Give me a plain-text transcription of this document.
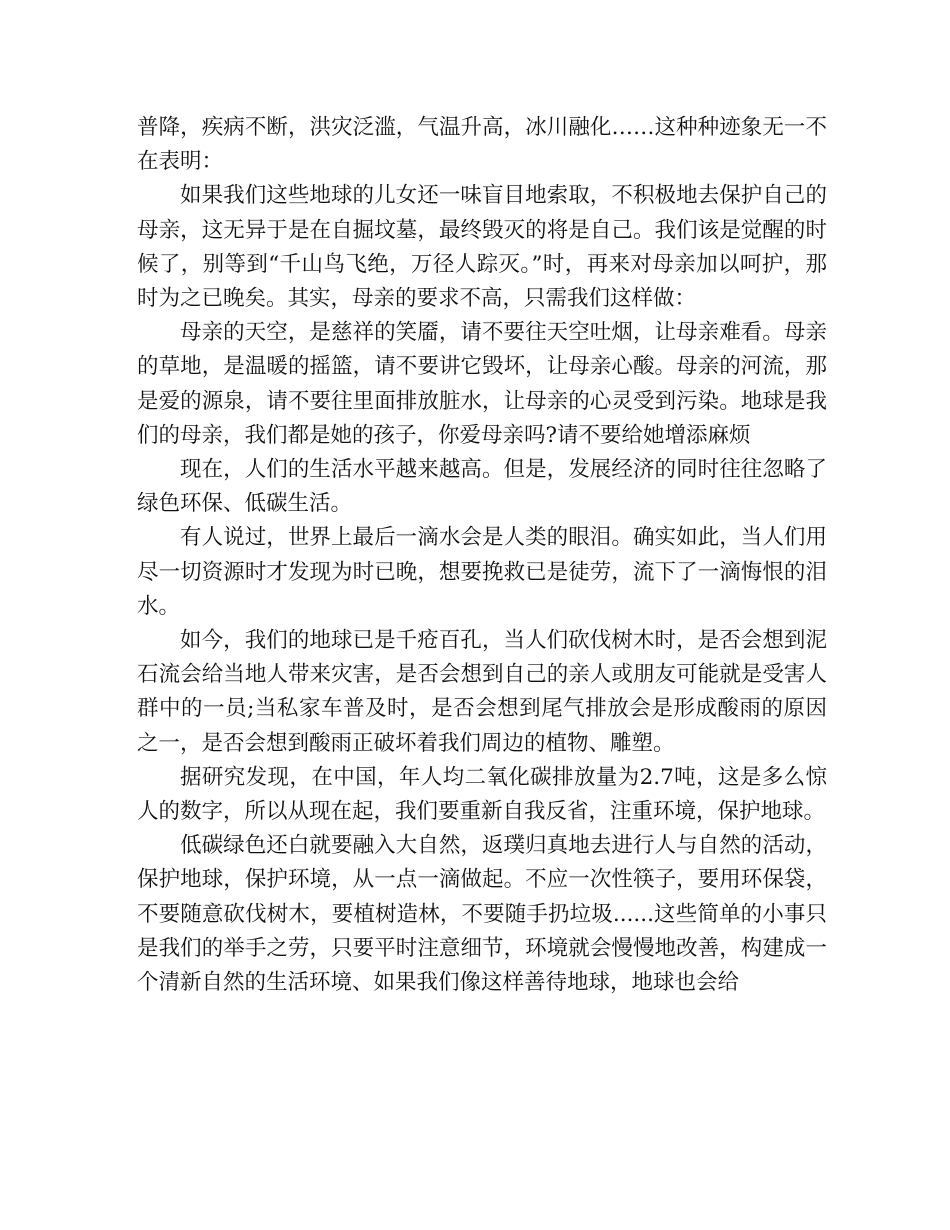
普降，疾病不断，洪灾泛滥，气温升高，冰川融化……这种种迹象无一不在表明：

如果我们这些地球的儿女还一味盲目地索取，不积极地去保护自己的母亲，这无异于是在自掘坟墓，最终毁灭的将是自己。我们该是觉醒的时候了，别等到“千山鸟飞绝，万径人踪灭。”时，再来对母亲加以呵护，那时为之已晚矣。其实，母亲的要求不高，只需我们这样做：

母亲的天空，是慈祥的笑靥，请不要往天空吐烟，让母亲难看。母亲的草地，是温暖的摇篮，请不要讲它毁坏，让母亲心酸。母亲的河流，那是爱的源泉，请不要往里面排放脏水，让母亲的心灵受到污染。地球是我们的母亲，我们都是她的孩子，你爱母亲吗?请不要给她增添麻烦

现在，人们的生活水平越来越高。但是，发展经济的同时往往忽略了绿色环保、低碳生活。

有人说过，世界上最后一滴水会是人类的眼泪。确实如此，当人们用尽一切资源时才发现为时已晚，想要挽救已是徒劳，流下了一滴悔恨的泪水。

如今，我们的地球已是千疮百孔，当人们砍伐树木时，是否会想到泥石流会给当地人带来灾害，是否会想到自己的亲人或朋友可能就是受害人群中的一员;当私家车普及时，是否会想到尾气排放会是形成酸雨的原因之一，是否会想到酸雨正破坏着我们周边的植物、雕塑。

据研究发现，在中国，年人均二氧化碳排放量为2.7吨，这是多么惊人的数字，所以从现在起，我们要重新自我反省，注重环境，保护地球。

低碳绿色还白就要融入大自然，返璞归真地去进行人与自然的活动，保护地球，保护环境，从一点一滴做起。不应一次性筷子，要用环保袋，不要随意砍伐树木，要植树造林，不要随手扔垃圾......这些简单的小事只是我们的举手之劳，只要平时注意细节，环境就会慢慢地改善，构建成一个清新自然的生活环境、如果我们像这样善待地球，地球也会给
